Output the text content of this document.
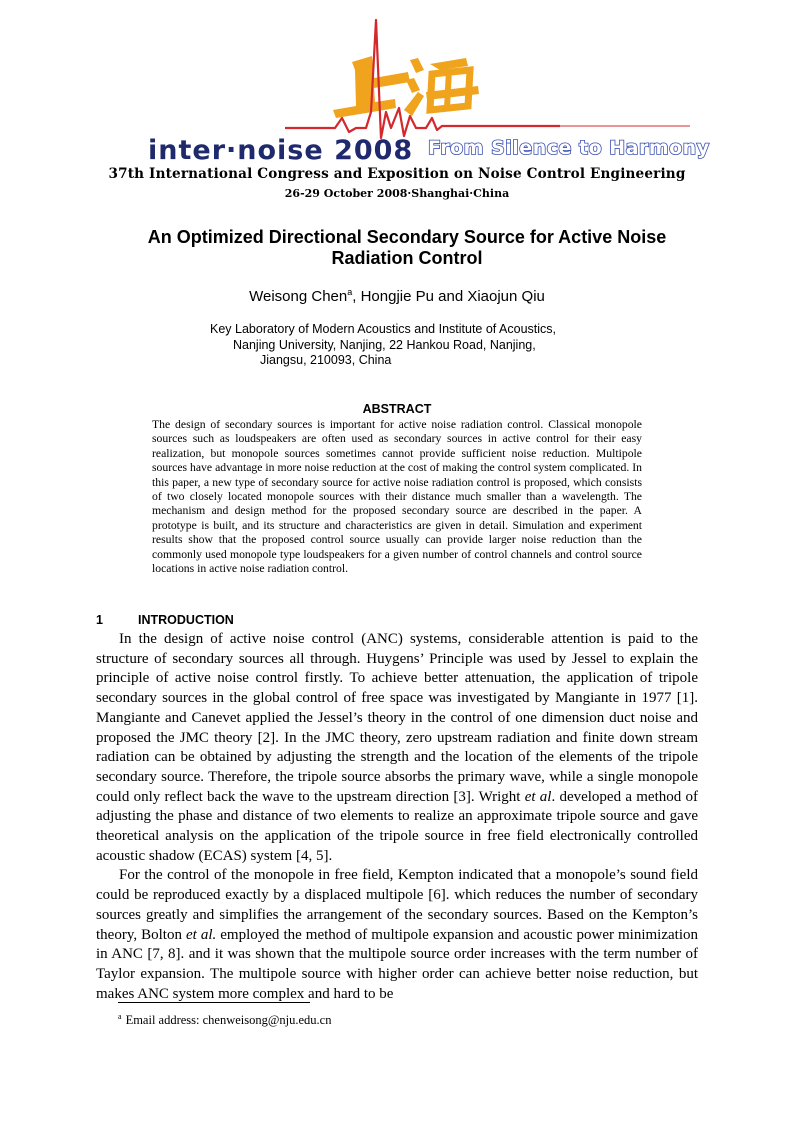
inter·noise 2008 From Silence to Harmony
37th International Congress and Exposition on Noise Control Engineering
26-29 October 2008·Shanghai·China
An Optimized Directional Secondary Source for Active Noise
Radiation Control
Weisong Chen$^a$, Hongjie Pu and Xiaojun Qiu
Key Laboratory of Modern Acoustics and Institute of Acoustics,
Nanjing University, Nanjing, 22 Hankou Road, Nanjing,
Jiangsu, 210093, China
ABSTRACT
The design of secondary sources is important for active noise radiation control. Classical monopole sources such as loudspeakers are often used as secondary sources in active control for their easy realization, but monopole sources sometimes cannot provide sufficient noise reduction. Multipole sources have advantage in more noise reduction at the cost of making the control system complicated. In this paper, a new type of secondary source for active noise radiation control is proposed, which consists of two closely located monopole sources with their distance much smaller than a wavelength. The mechanism and design method for the proposed secondary source are described in the paper. A prototype is built, and its structure and characteristics are given in detail. Simulation and experiment results show that the proposed control source usually can provide larger noise reduction than the commonly used monopole type loudspeakers for a given number of control channels and control source locations in active noise radiation control.
1	INTRODUCTION

In the design of active noise control (ANC) systems, considerable attention is paid to the structure of secondary sources all through. Huygens’ Principle was used by Jessel to explain the principle of active noise control firstly. To achieve better attenuation, the application of tripole secondary sources in the global control of free space was investigated by Mangiante in 1977 [1]. Mangiante and Canevet applied the Jessel’s theory in the control of one dimension duct noise and proposed the JMC theory [2]. In the JMC theory, zero upstream radiation and finite down stream radiation can be obtained by adjusting the strength and the location of the elements of the tripole secondary source. Therefore, the tripole source absorbs the primary wave, while a single monopole could only reflect back the wave to the upstream direction [3]. Wright et al. developed a method of adjusting the phase and distance of two elements to realize an approximate tripole source and gave theoretical analysis on the application of the tripole source in free field electronically controlled acoustic shadow (ECAS) system [4, 5].

For the control of the monopole in free field, Kempton indicated that a monopole’s sound field could be reproduced exactly by a displaced multipole [6]. which reduces the number of secondary sources greatly and simplifies the arrangement of the secondary sources. Based on the Kempton’s theory, Bolton et al. employed the method of multipole expansion and acoustic power minimization in ANC [7, 8]. and it was shown that the multipole source order increases with the term number of Taylor expansion. The multipole source with higher order can achieve better noise reduction, but makes ANC system more complex and hard to be

$^a$ Email address: chenweisong@nju.edu.cn
